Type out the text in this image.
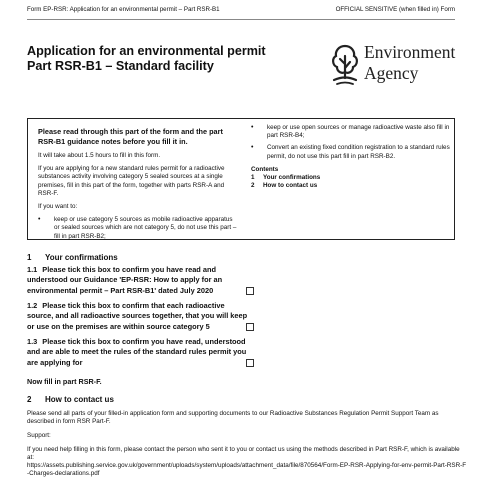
Form EP-RSR: Application for an environmental permit – Part RSR-B1	OFFICIAL SENSITIVE (when filled in) Form
Application for an environmental permit
Part RSR-B1 – Standard facility
Environment
Agency
Please read through this part of the form and the part RSR-B1 guidance notes before you fill it in.
It will take about 1.5 hours to fill in this form.
If you are applying for a new standard rules permit for a radioactive substances activity involving category 5 sealed sources at a single premises, fill in this part of the form, together with parts RSR-A and RSR-F.
If you want to:
• keep or use category 5 sources as mobile radioactive apparatus or sealed sources which are not category 5, do not use this part – fill in part RSR-B2;
• keep or use open sources or manage radioactive waste also fill in part RSR-B4;
• Convert an existing fixed condition registration to a standard rules permit, do not use this part fill in part RSR-B2.
Contents
1	Your confirmations
2	How to contact us
1	Your confirmations
1.1 Please tick this box to confirm you have read and understood our Guidance 'EP-RSR: How to apply for an environmental permit – Part RSR-B1' dated July 2020
1.2 Please tick this box to confirm that each radioactive source, and all radioactive sources together, that you will keep or use on the premises are within source category 5
1.3 Please tick this box to confirm you have read, understood and are able to meet the rules of the standard rules permit you are applying for
Now fill in part RSR-F.
2	How to contact us
Please send all parts of your filled-in application form and supporting documents to our Radioactive Substances Regulation Permit Support Team as described in form RSR Part-F.
Support:
If you need help filling in this form, please contact the person who sent it to you or contact us using the methods described in Part RSR-F, which is available at:
https://assets.publishing.service.gov.uk/government/uploads/system/uploads/attachment_data/file/870564/Form-EP-RSR-Applying-for-env-permit-Part-RSR-F-Charges-declarations.pdf
